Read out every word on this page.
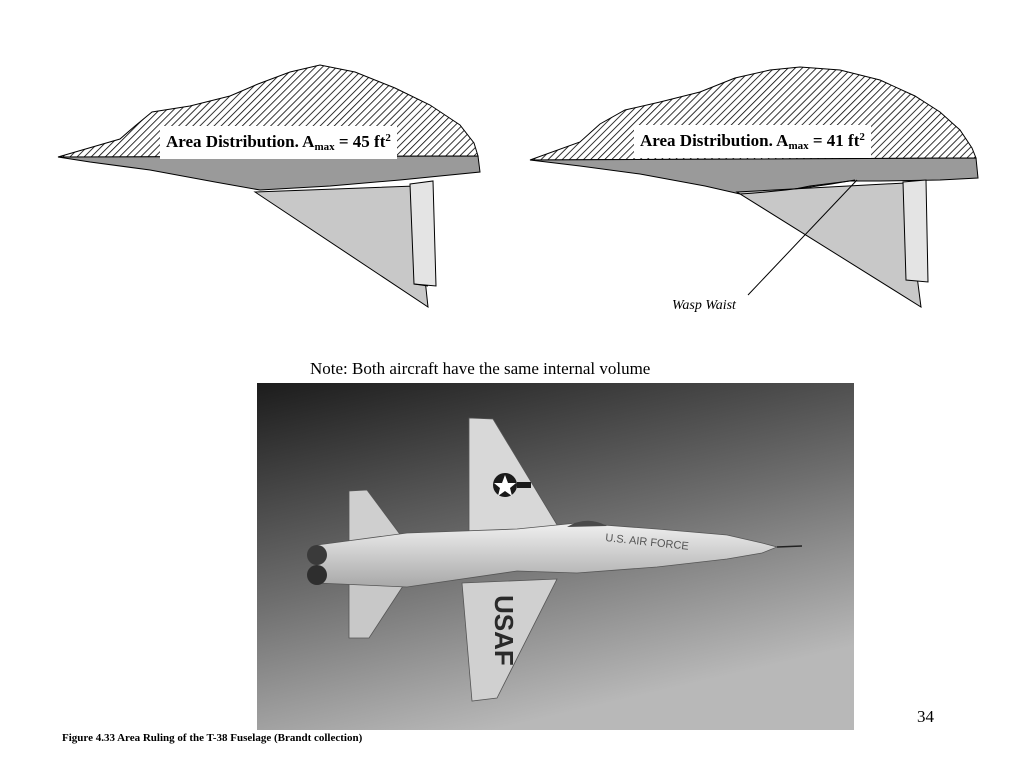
Area Distribution. $A_{max} = 45$ $ft^2$	Area Distribution. $A_{max} = 41$ $ft^2$
Wasp Waist
Note: Both aircraft have the same internal volume
U.S. AIR FORCE
USAF
34
Figure 4.33 Area Ruling of the T-38 Fuselage (Brandt collection)
